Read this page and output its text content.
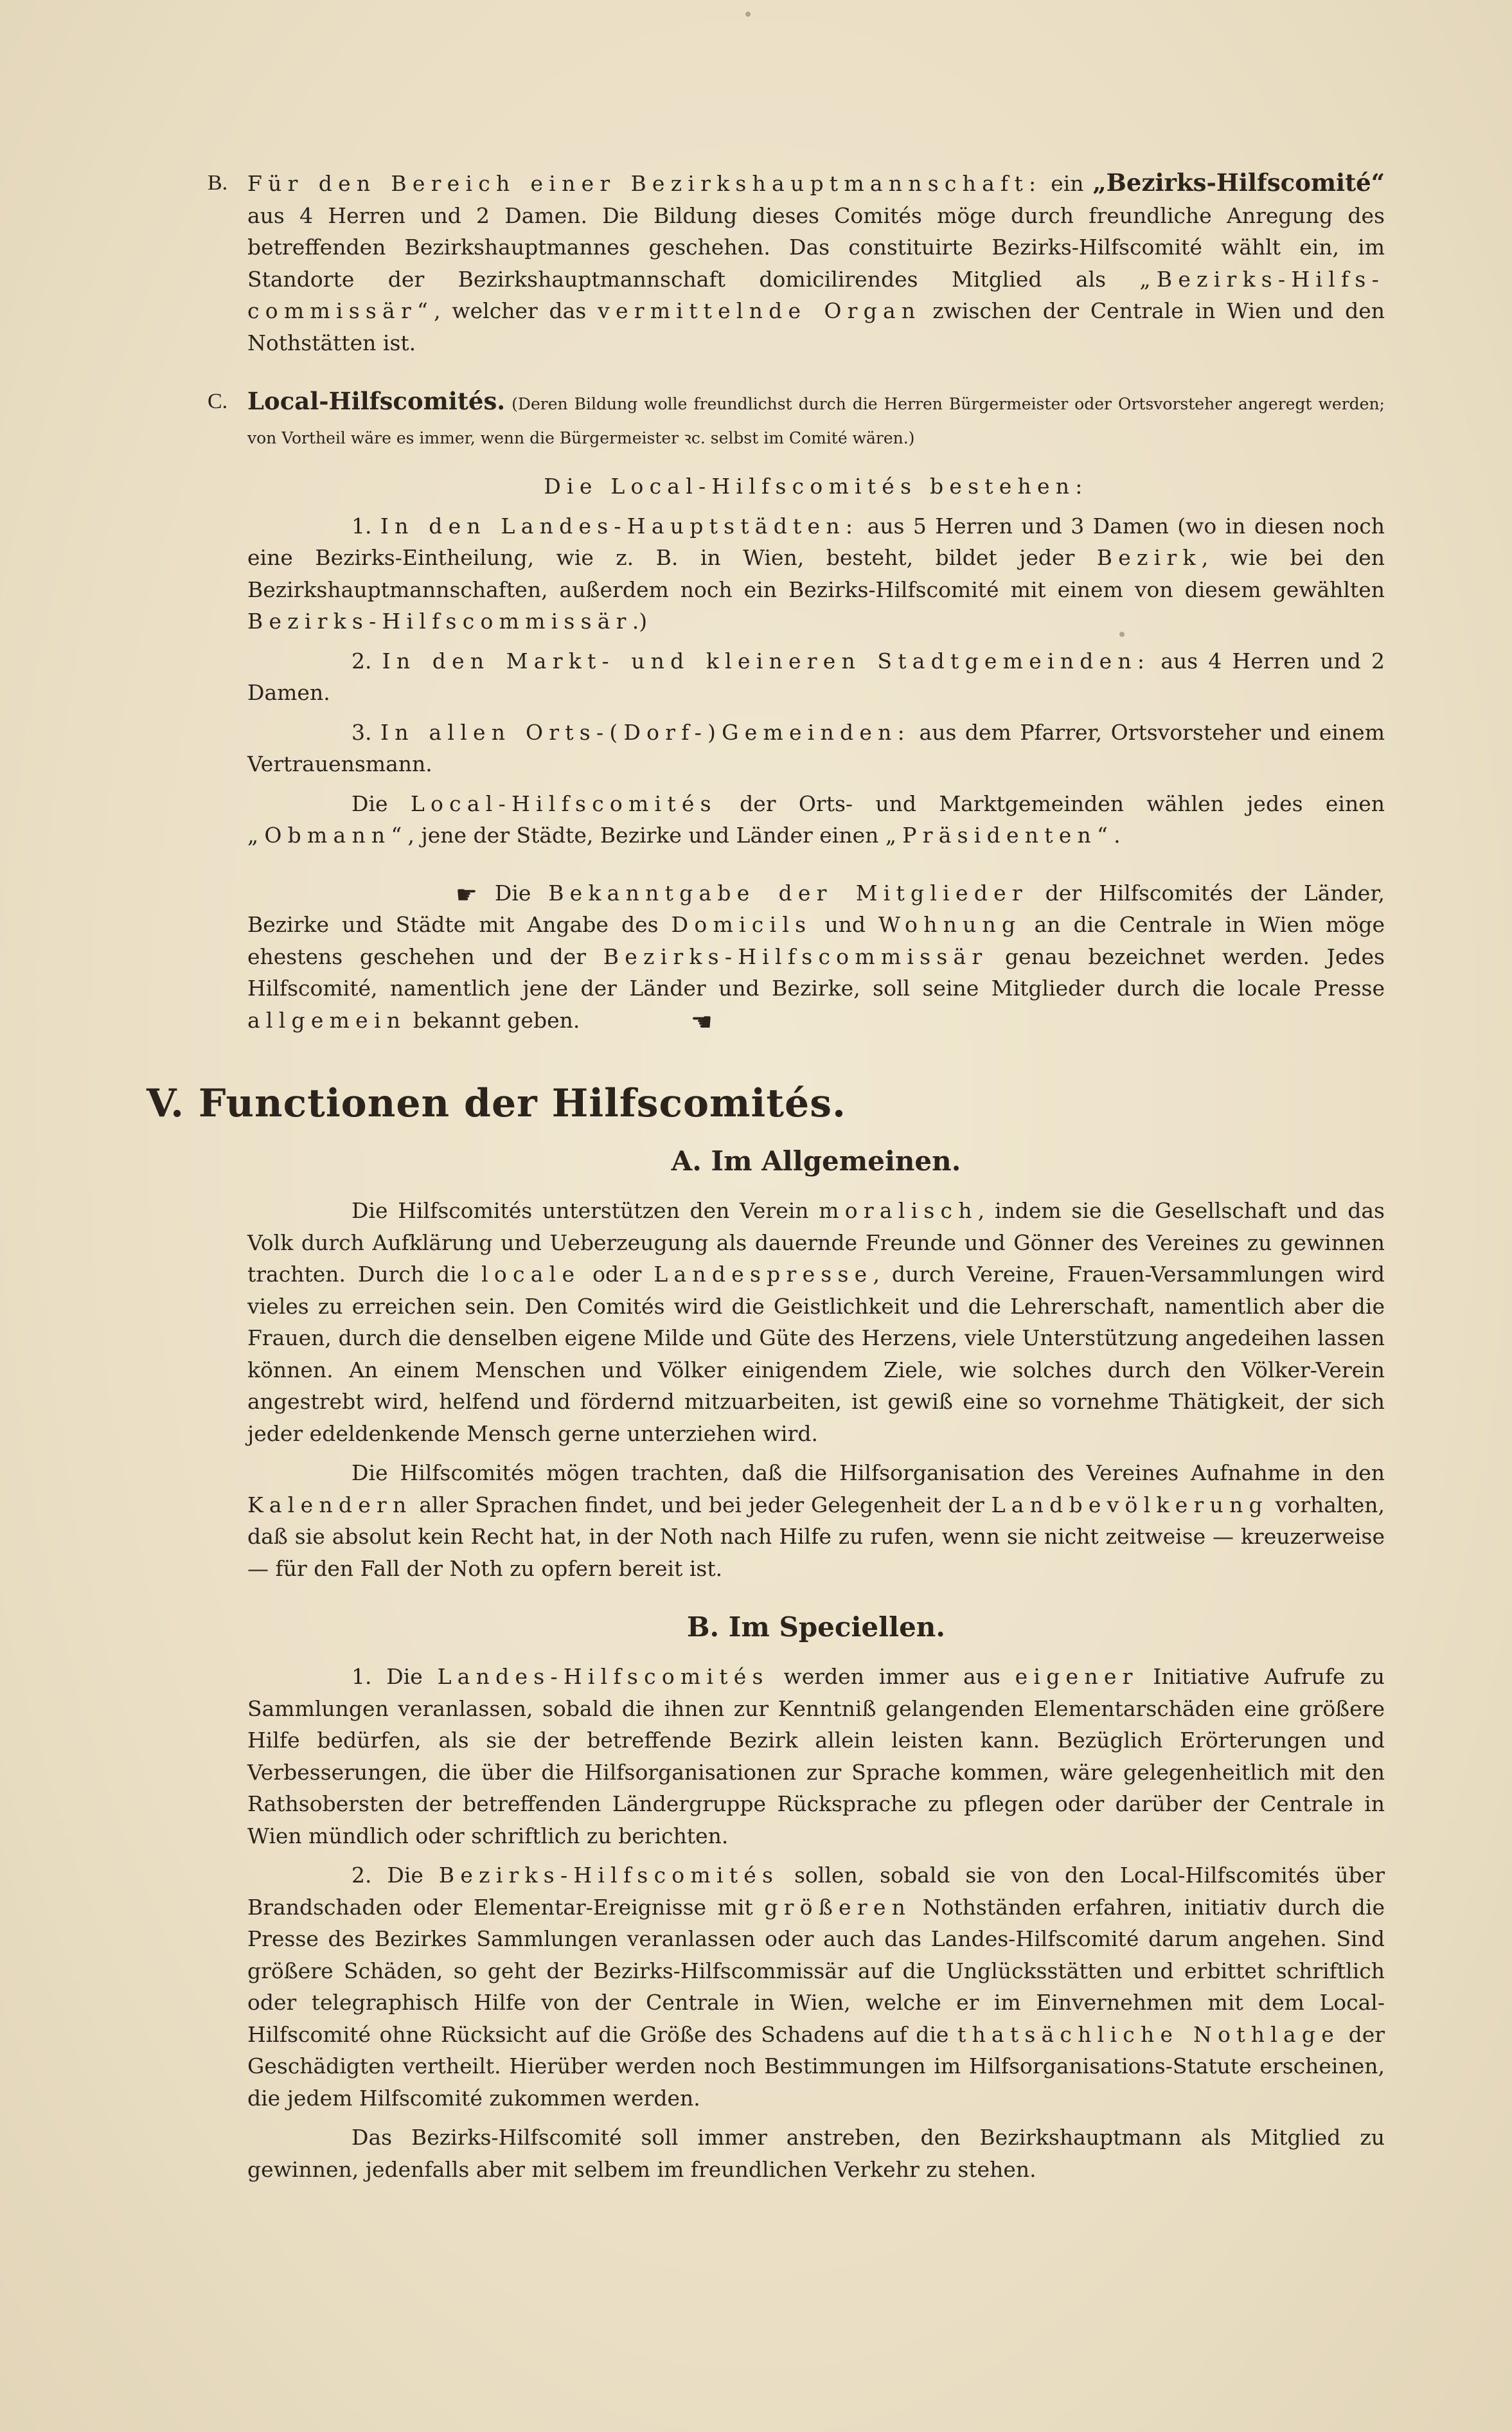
B. Für den Bereich einer Bezirkshauptmannschaft: ein „Bezirks-Hilfscomité“ aus 4 Herren und 2 Damen. Die Bildung dieses Comités möge durch freundliche Anregung des betreffenden Bezirkshauptmannes geschehen. Das constituirte Bezirks-Hilfscomité wählt ein, im Standorte der Bezirkshauptmannschaft domicilirendes Mitglied als „Bezirks-Hilfs-commissär“, welcher das vermittelnde Organ zwischen der Centrale in Wien und den Nothstätten ist.

C. Local-Hilfscomités. (Deren Bildung wolle freundlichst durch die Herren Bürgermeister oder Ortsvorsteher angeregt werden; von Vortheil wäre es immer, wenn die Bürgermeister ꝛc. selbst im Comité wären.)

Die Local-Hilfscomités bestehen:

1. In den Landes-Hauptstädten: aus 5 Herren und 3 Damen (wo in diesen noch eine Bezirks-Eintheilung, wie z. B. in Wien, besteht, bildet jeder Bezirk, wie bei den Bezirkshauptmannschaften, außerdem noch ein Bezirks-Hilfscomité mit einem von diesem gewählten Bezirks-Hilfscommissär.)

2. In den Markt- und kleineren Stadtgemeinden: aus 4 Herren und 2 Damen.

3. In allen Orts-(Dorf-)Gemeinden: aus dem Pfarrer, Ortsvorsteher und einem Vertrauensmann.

Die Local-Hilfscomités der Orts- und Marktgemeinden wählen jedes einen „Obmann“, jene der Städte, Bezirke und Länder einen „Präsidenten“.

☛ Die Bekanntgabe der Mitglieder der Hilfscomités der Länder, Bezirke und Städte mit Angabe des Domicils und Wohnung an die Centrale in Wien möge ehestens geschehen und der Bezirks-Hilfscommissär genau bezeichnet werden. Jedes Hilfscomité, namentlich jene der Länder und Bezirke, soll seine Mitglieder durch die locale Presse allgemein bekannt geben.	☚

V. Functionen der Hilfscomités.

A. Im Allgemeinen.

Die Hilfscomités unterstützen den Verein moralisch, indem sie die Gesellschaft und das Volk durch Aufklärung und Ueberzeugung als dauernde Freunde und Gönner des Vereines zu gewinnen trachten. Durch die locale oder Landespresse, durch Vereine, Frauen-Versammlungen wird vieles zu erreichen sein. Den Comités wird die Geistlichkeit und die Lehrerschaft, namentlich aber die Frauen, durch die denselben eigene Milde und Güte des Herzens, viele Unterstützung angedeihen lassen können. An einem Menschen und Völker einigendem Ziele, wie solches durch den Völker-Verein angestrebt wird, helfend und fördernd mitzuarbeiten, ist gewiß eine so vornehme Thätigkeit, der sich jeder edeldenkende Mensch gerne unterziehen wird.

Die Hilfscomités mögen trachten, daß die Hilfsorganisation des Vereines Aufnahme in den Kalendern aller Sprachen findet, und bei jeder Gelegenheit der Landbevölkerung vorhalten, daß sie absolut kein Recht hat, in der Noth nach Hilfe zu rufen, wenn sie nicht zeitweise — kreuzerweise — für den Fall der Noth zu opfern bereit ist.

B. Im Speciellen.

1. Die Landes-Hilfscomités werden immer aus eigener Initiative Aufrufe zu Sammlungen veranlassen, sobald die ihnen zur Kenntniß gelangenden Elementarschäden eine größere Hilfe bedürfen, als sie der betreffende Bezirk allein leisten kann. Bezüglich Erörterungen und Verbesserungen, die über die Hilfsorganisationen zur Sprache kommen, wäre gelegenheitlich mit den Rathsobersten der betreffenden Ländergruppe Rücksprache zu pflegen oder darüber der Centrale in Wien mündlich oder schriftlich zu berichten.

2. Die Bezirks-Hilfscomités sollen, sobald sie von den Local-Hilfscomités über Brandschaden oder Elementar-Ereignisse mit größeren Nothständen erfahren, initiativ durch die Presse des Bezirkes Sammlungen veranlassen oder auch das Landes-Hilfscomité darum angehen. Sind größere Schäden, so geht der Bezirks-Hilfscommissär auf die Unglücksstätten und erbittet schriftlich oder telegraphisch Hilfe von der Centrale in Wien, welche er im Einvernehmen mit dem Local-Hilfscomité ohne Rücksicht auf die Größe des Schadens auf die thatsächliche Nothlage der Geschädigten vertheilt. Hierüber werden noch Bestimmungen im Hilfsorganisations-Statute erscheinen, die jedem Hilfscomité zukommen werden.

Das Bezirks-Hilfscomité soll immer anstreben, den Bezirkshauptmann als Mitglied zu gewinnen, jedenfalls aber mit selbem im freundlichen Verkehr zu stehen.
